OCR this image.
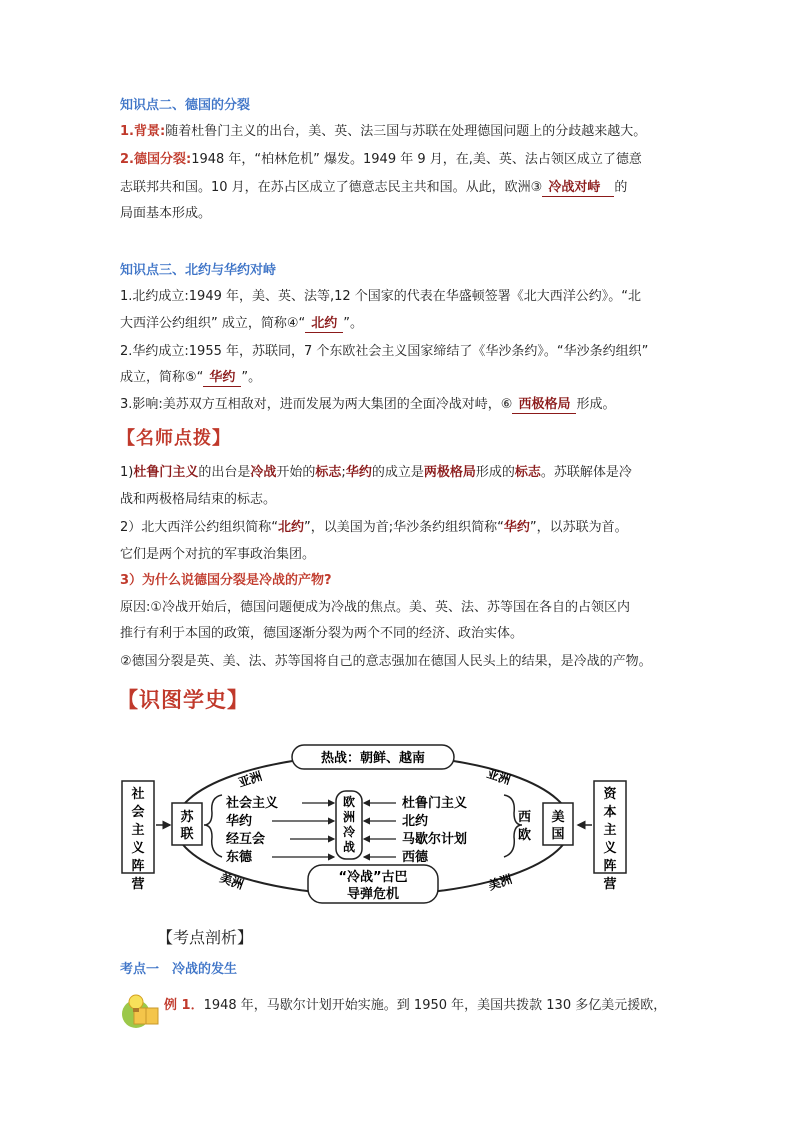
知识点二、德国的分裂
1.背景:随着杜鲁门主义的出台，美、英、法三国与苏联在处理德国问题上的分歧越来越大。
2.德国分裂:1948 年，“柏林危机” 爆发。1949 年 9 月，在,美、英、法占领区成立了德意
志联邦共和国。10 月，在苏占区成立了德意志民主共和国。从此，欧洲③ 冷战对峙 的
局面基本形成。
知识点三、北约与华约对峙
1.北约成立:1949 年，美、英、法等,12 个国家的代表在华盛顿签署《北大西洋公约》。“北
大西洋公约组织” 成立，简称④“ 北约 ”。
2.华约成立:1955 年，苏联同，7 个东欧社会主义国家缔结了《华沙条约》。“华沙条约组织”
成立，简称⑤“ 华约 ”。
3.影响:美苏双方互相敌对，进而发展为两大集团的全面冷战对峙，⑥ 西极格局 形成。
【名师点拨】
1)杜鲁门主义的出台是冷战开始的标志;华约的成立是两极格局形成的标志。苏联解体是冷
战和两极格局结束的标志。
2）北大西洋公约组织简称“北约”，以美国为首;华沙条约组织简称“华约”，以苏联为首。
它们是两个对抗的军事政治集团。
3）为什么说德国分裂是冷战的产物?
原因:①冷战开始后，德国问题便成为冷战的焦点。美、英、法、苏等国在各自的占领区内
推行有利于本国的政策，德国逐渐分裂为两个不同的经济、政治实体。
②德国分裂是英、美、法、苏等国将自己的意志强加在德国人民头上的结果，是冷战的产物。
【识图学史】
社
会
主
义
阵
营
资
本
主
义
阵
营
苏
联
美
国
热战：朝鲜、越南
“冷战”古巴
导弹危机
欧
洲
冷
战
亚洲	亚洲
美洲	美洲
社会主义
华约
经互会
东德
杜鲁门主义
北约
马歇尔计划
西德
西
欧
【考点剖析】
考点一　冷战的发生
例 1．1948 年，马歇尔计划开始实施。到 1950 年，美国共拨款 130 多亿美元援欧，
